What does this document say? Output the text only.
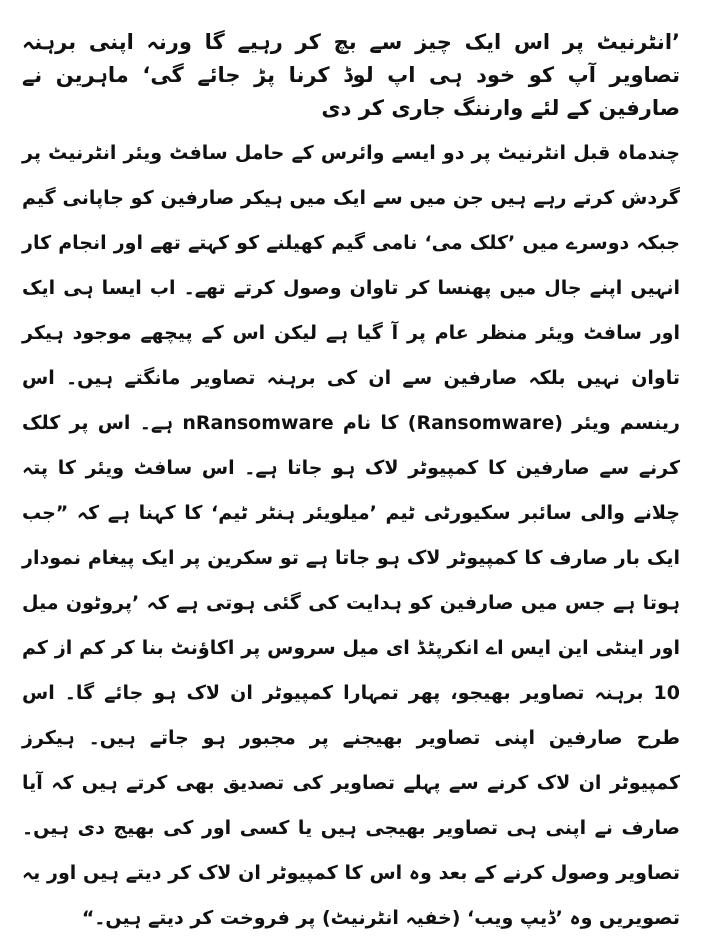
’انٹرنیٹ پر اس ایک چیز سے بچ کر رہیے گا ورنہ اپنی برہنہ تصاویر آپ کو خود ہی اپ لوڈ کرنا پڑ جائے گی‘ ماہرین نے صارفین کے لئے وارننگ جاری کر دی

چندماہ قبل انٹرنیٹ پر دو ایسے وائرس کے حامل سافٹ ویئر انٹرنیٹ پر گردش کرتے رہے ہیں جن میں سے ایک میں ہیکر صارفین کو جاپانی گیم جبکہ دوسرے میں ’کلک می‘ نامی گیم کھیلنے کو کہتے تھے اور انجام کار انہیں اپنے جال میں پھنسا کر تاوان وصول کرتے تھے۔ اب ایسا ہی ایک اور سافٹ ویئر منظر عام پر آ گیا ہے لیکن اس کے پیچھے موجود ہیکر تاوان نہیں بلکہ صارفین سے ان کی برہنہ تصاویر مانگتے ہیں۔ اس رینسم ویئر (Ransomware) کا نام nRansomware ہے۔ اس پر کلک کرنے سے صارفین کا کمپیوٹر لاک ہو جاتا ہے۔ اس سافٹ ویئر کا پتہ چلانے والی سائبر سکیورٹی ٹیم ’میلویئر ہنٹر ٹیم‘ کا کہنا ہے کہ ”جب ایک بار صارف کا کمپیوٹر لاک ہو جاتا ہے تو سکرین پر ایک پیغام نمودار ہوتا ہے جس میں صارفین کو ہدایت کی گئی ہوتی ہے کہ ’پروٹون میل اور اینٹی این ایس اے انکرپٹڈ ای میل سروس پر اکاﺅنٹ بنا کر کم از کم 10 برہنہ تصاویر بھیجو، پھر تمہارا کمپیوٹر ان لاک ہو جائے گا۔ اس طرح صارفین اپنی تصاویر بھیجنے پر مجبور ہو جاتے ہیں۔ ہیکرز کمپیوٹر ان لاک کرنے سے پہلے تصاویر کی تصدیق بھی کرتے ہیں کہ آیا صارف نے اپنی ہی تصاویر بھیجی ہیں یا کسی اور کی بھیج دی ہیں۔ تصاویر وصول کرنے کے بعد وہ اس کا کمپیوٹر ان لاک کر دیتے ہیں اور یہ تصویریں وہ ’ڈیپ ویب‘ (خفیہ انٹرنیٹ) پر فروخت کر دیتے ہیں۔“
